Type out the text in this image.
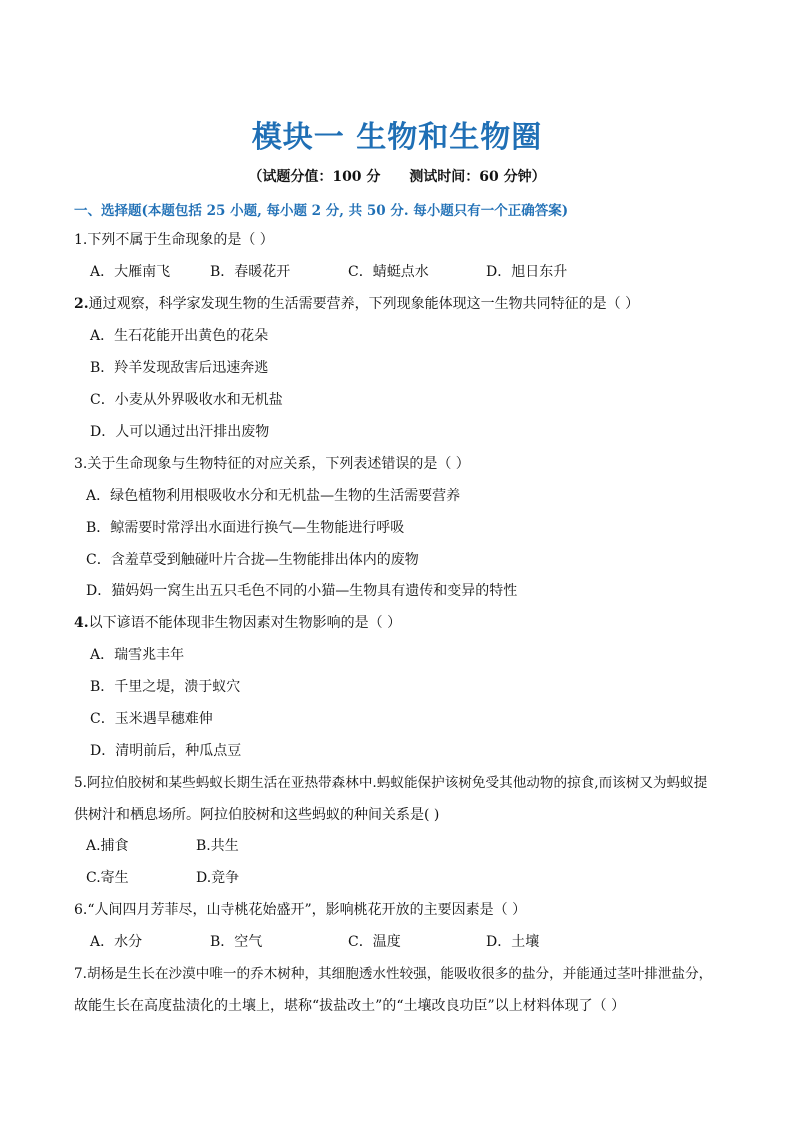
模块一 生物和生物圈
（试题分值：100 分 测试时间：60 分钟）
一、选择题(本题包括 25 小题, 每小题 2 分, 共 50 分. 每小题只有一个正确答案)
1.下列不属于生命现象的是（ ）
A．大雁南飞	B．春暖花开	C．蜻蜓点水	D．旭日东升
2.通过观察，科学家发现生物的生活需要营养，下列现象能体现这一生物共同特征的是（ ）
A．生石花能开出黄色的花朵
B．羚羊发现敌害后迅速奔逃
C．小麦从外界吸收水和无机盐
D．人可以通过出汗排出废物
3.关于生命现象与生物特征的对应关系，下列表述错误的是（ ）
A．绿色植物利用根吸收水分和无机盐—生物的生活需要营养
B．鲸需要时常浮出水面进行换气—生物能进行呼吸
C．含羞草受到触碰叶片合拢—生物能排出体内的废物
D．猫妈妈一窝生出五只毛色不同的小猫—生物具有遗传和变异的特性
4.以下谚语不能体现非生物因素对生物影响的是（ ）
A．瑞雪兆丰年
B．千里之堤，溃于蚁穴
C．玉米遇旱穗难伸
D．清明前后，种瓜点豆
5.阿拉伯胶树和某些蚂蚁长期生活在亚热带森林中.蚂蚁能保护该树免受其他动物的掠食,而该树又为蚂蚁提
供树汁和栖息场所。阿拉伯胶树和这些蚂蚁的种间关系是( )
A.捕食	B.共生
C.寄生	D.竞争
6.“人间四月芳菲尽，山寺桃花始盛开”，影响桃花开放的主要因素是（ ）
A．水分	B．空气	C．温度	D．土壤
7.胡杨是生长在沙漠中唯一的乔木树种，其细胞透水性较强，能吸收很多的盐分，并能通过茎叶排泄盐分，
故能生长在高度盐渍化的土壤上，堪称“拔盐改土”的“土壤改良功臣”以上材料体现了（ ）
